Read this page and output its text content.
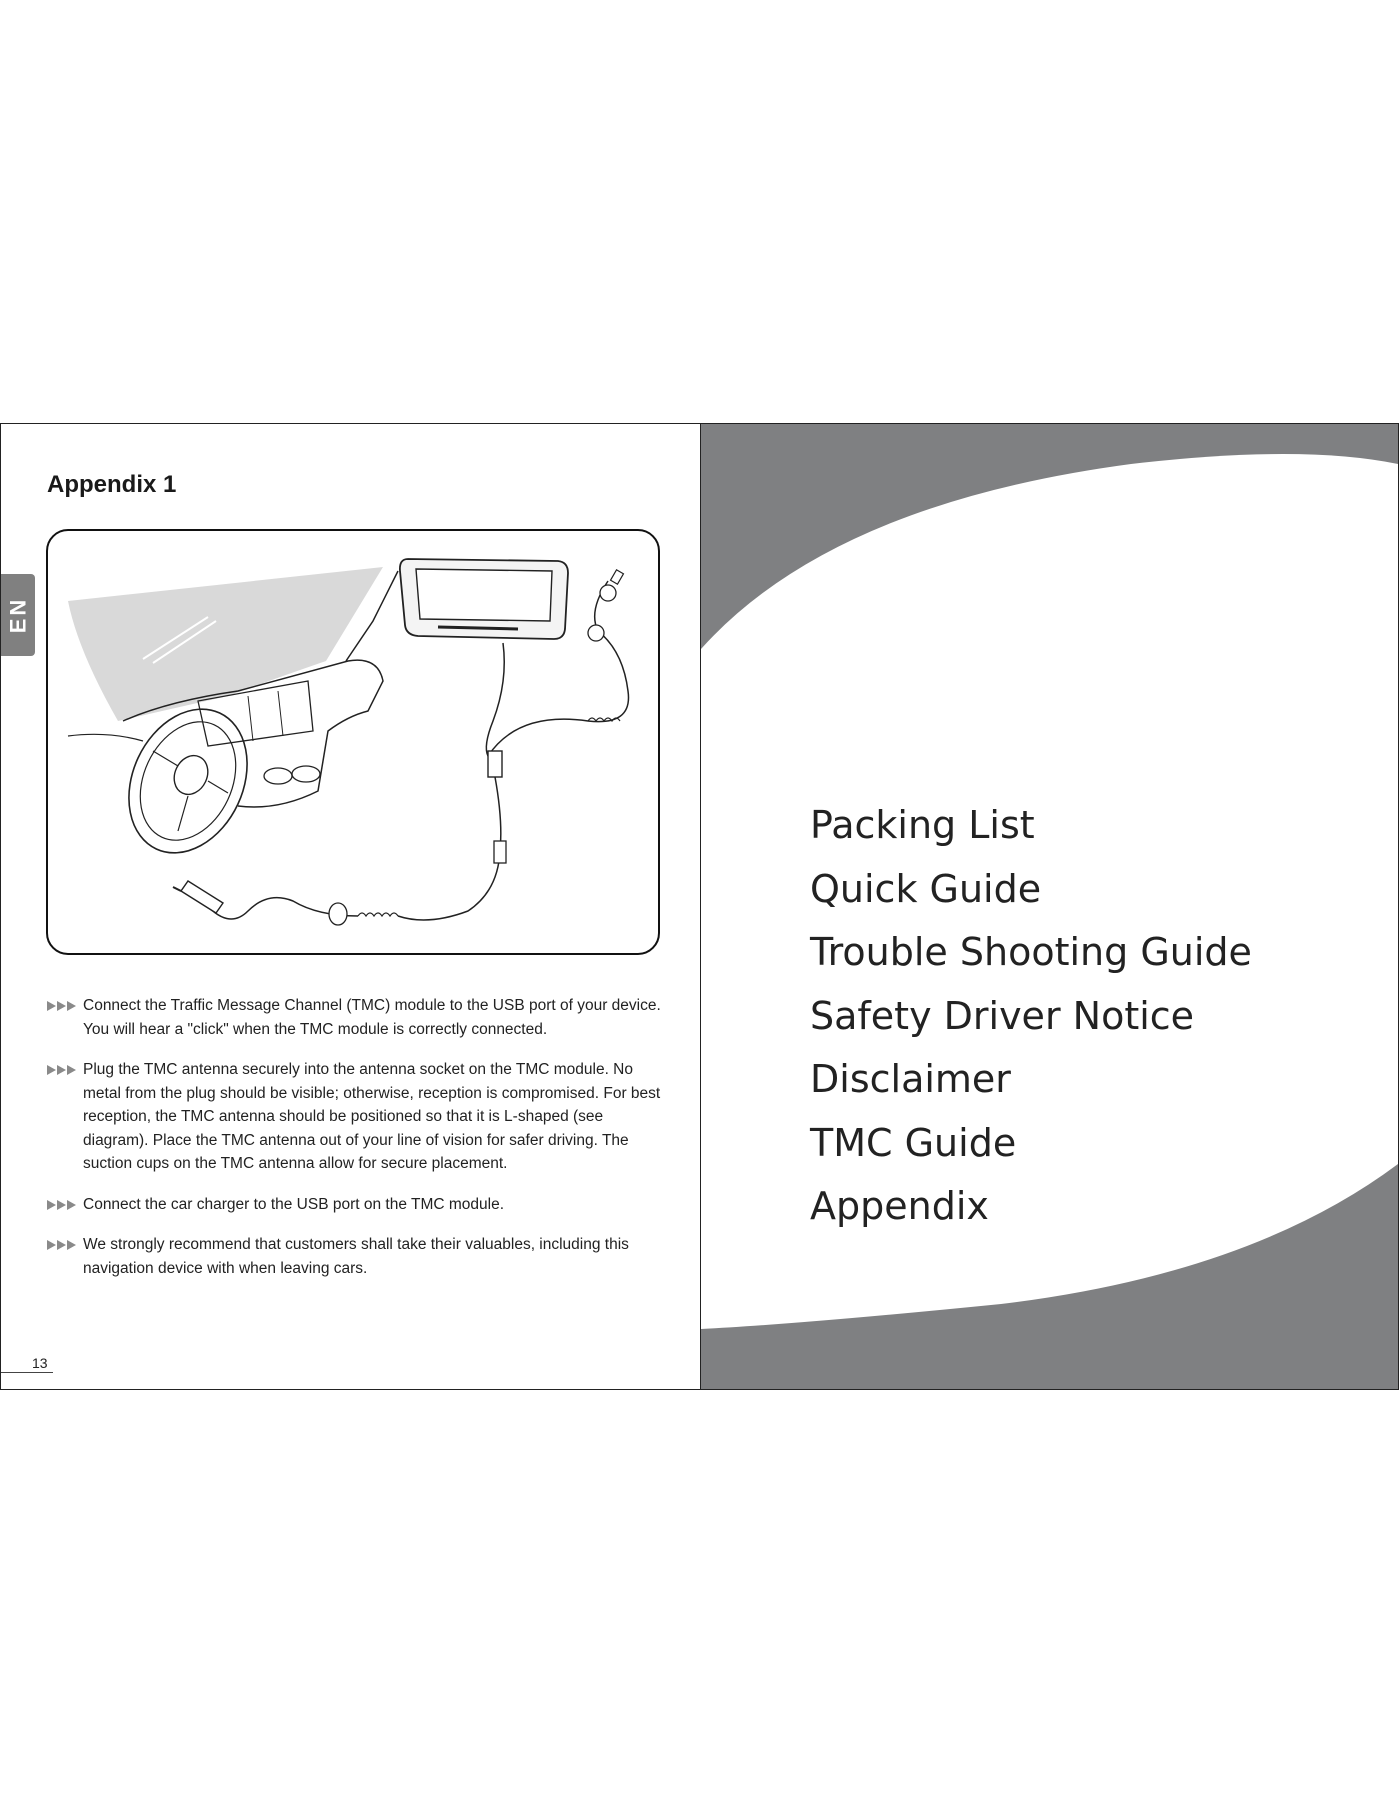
Appendix 1
EN
Connect the Traffic Message Channel (TMC) module to the USB port of your device. You will hear a "click" when the TMC module is correctly connected.
Plug the TMC antenna securely into the antenna socket on the TMC module. No metal from the plug should be visible; otherwise, reception is compromised. For best reception, the TMC antenna should be positioned so that it is L-shaped (see diagram). Place the TMC antenna out of your line of vision for safer driving. The suction cups on the TMC antenna allow for secure placement.
Connect the car charger to the USB port on the TMC module.
We strongly recommend that customers shall take their valuables, including this navigation device with when leaving cars.
13
Packing List
Quick Guide
Trouble Shooting Guide
Safety Driver Notice
Disclaimer
TMC Guide
Appendix
